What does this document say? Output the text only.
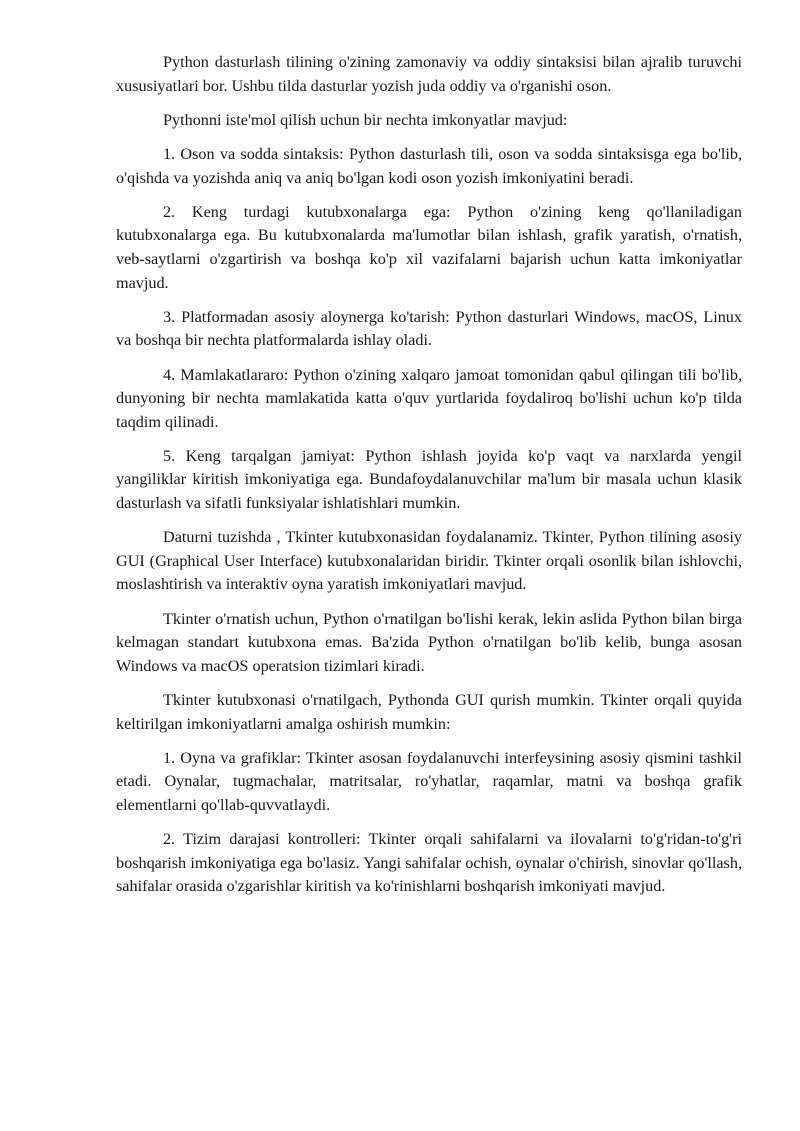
Python dasturlash tilining o'zining zamonaviy va oddiy sintaksisi bilan ajralib turuvchi xususiyatlari bor. Ushbu tilda dasturlar yozish juda oddiy va o'rganishi oson.

Pythonni iste'mol qilish uchun bir nechta imkonyatlar mavjud:

1. Oson va sodda sintaksis: Python dasturlash tili, oson va sodda sintaksisga ega bo'lib, o'qishda va yozishda aniq va aniq bo'lgan kodi oson yozish imkoniyatini beradi.

2. Keng turdagi kutubxonalarga ega: Python o'zining keng qo'llaniladigan kutubxonalarga ega. Bu kutubxonalarda ma'lumotlar bilan ishlash, grafik yaratish, o'rnatish, veb-saytlarni o'zgartirish va boshqa ko'p xil vazifalarni bajarish uchun katta imkoniyatlar mavjud.

3. Platformadan asosiy aloynerga ko'tarish: Python dasturlari Windows, macOS, Linux va boshqa bir nechta platformalarda ishlay oladi.

4. Mamlakatlararo: Python o'zining xalqaro jamoat tomonidan qabul qilingan tili bo'lib, dunyoning bir nechta mamlakatida katta o'quv yurtlarida foydaliroq bo'lishi uchun ko'p tilda taqdim qilinadi.

5. Keng tarqalgan jamiyat: Python ishlash joyida ko'p vaqt va narxlarda yengil yangiliklar kiritish imkoniyatiga ega. Bundafoydalanuvchilar ma'lum bir masala uchun klasik dasturlash va sifatli funksiyalar ishlatishlari mumkin.

Daturni tuzishda , Tkinter kutubxonasidan foydalanamiz. Tkinter, Python tilining asosiy GUI (Graphical User Interface) kutubxonalaridan biridir. Tkinter orqali osonlik bilan ishlovchi, moslashtirish va interaktiv oyna yaratish imkoniyatlari mavjud.

Tkinter o'rnatish uchun, Python o'rnatilgan bo'lishi kerak, lekin aslida Python bilan birga kelmagan standart kutubxona emas. Ba'zida Python o'rnatilgan bo'lib kelib, bunga asosan Windows va macOS operatsion tizimlari kiradi.

Tkinter kutubxonasi o'rnatilgach, Pythonda GUI qurish mumkin. Tkinter orqali quyida keltirilgan imkoniyatlarni amalga oshirish mumkin:

1. Oyna va grafiklar: Tkinter asosan foydalanuvchi interfeysining asosiy qismini tashkil etadi. Oynalar, tugmachalar, matritsalar, ro'yhatlar, raqamlar, matni va boshqa grafik elementlarni qo'llab-quvvatlaydi.

2. Tizim darajasi kontrolleri: Tkinter orqali sahifalarni va ilovalarni to'g'ridan-to'g'ri boshqarish imkoniyatiga ega bo'lasiz. Yangi sahifalar ochish, oynalar o'chirish, sinovlar qo'llash, sahifalar orasida o'zgarishlar kiritish va ko'rinishlarni boshqarish imkoniyati mavjud.
